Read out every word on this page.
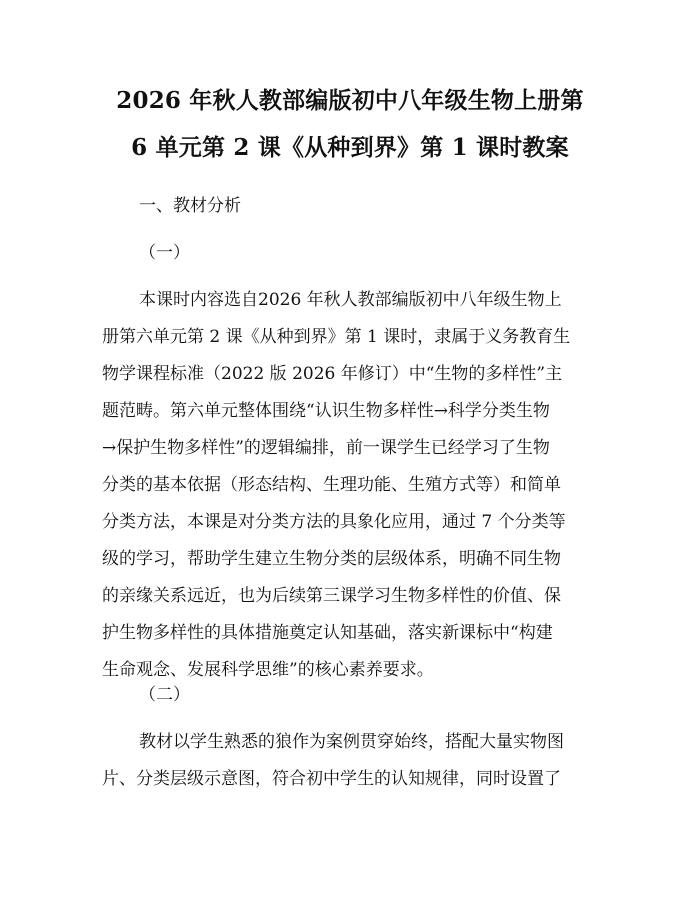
2026 年秋人教部编版初中八年级生物上册第
6 单元第 2 课《从种到界》第 1 课时教案
一、教材分析
（一）
本课时内容选自2026 年秋人教部编版初中八年级生物上
册第六单元第 2 课《从种到界》第 1 课时，隶属于义务教育生
物学课程标准（2022 版 2026 年修订）中“生物的多样性”主
题范畴。第六单元整体围绕“认识生物多样性→科学分类生物
→保护生物多样性”的逻辑编排，前一课学生已经学习了生物
分类的基本依据（形态结构、生理功能、生殖方式等）和简单
分类方法，本课是对分类方法的具象化应用，通过 7 个分类等
级的学习，帮助学生建立生物分类的层级体系，明确不同生物
的亲缘关系远近，也为后续第三课学习生物多样性的价值、保
护生物多样性的具体措施奠定认知基础，落实新课标中“构建
生命观念、发展科学思维”的核心素养要求。
（二）
教材以学生熟悉的狼作为案例贯穿始终，搭配大量实物图
片、分类层级示意图，符合初中学生的认知规律，同时设置了
